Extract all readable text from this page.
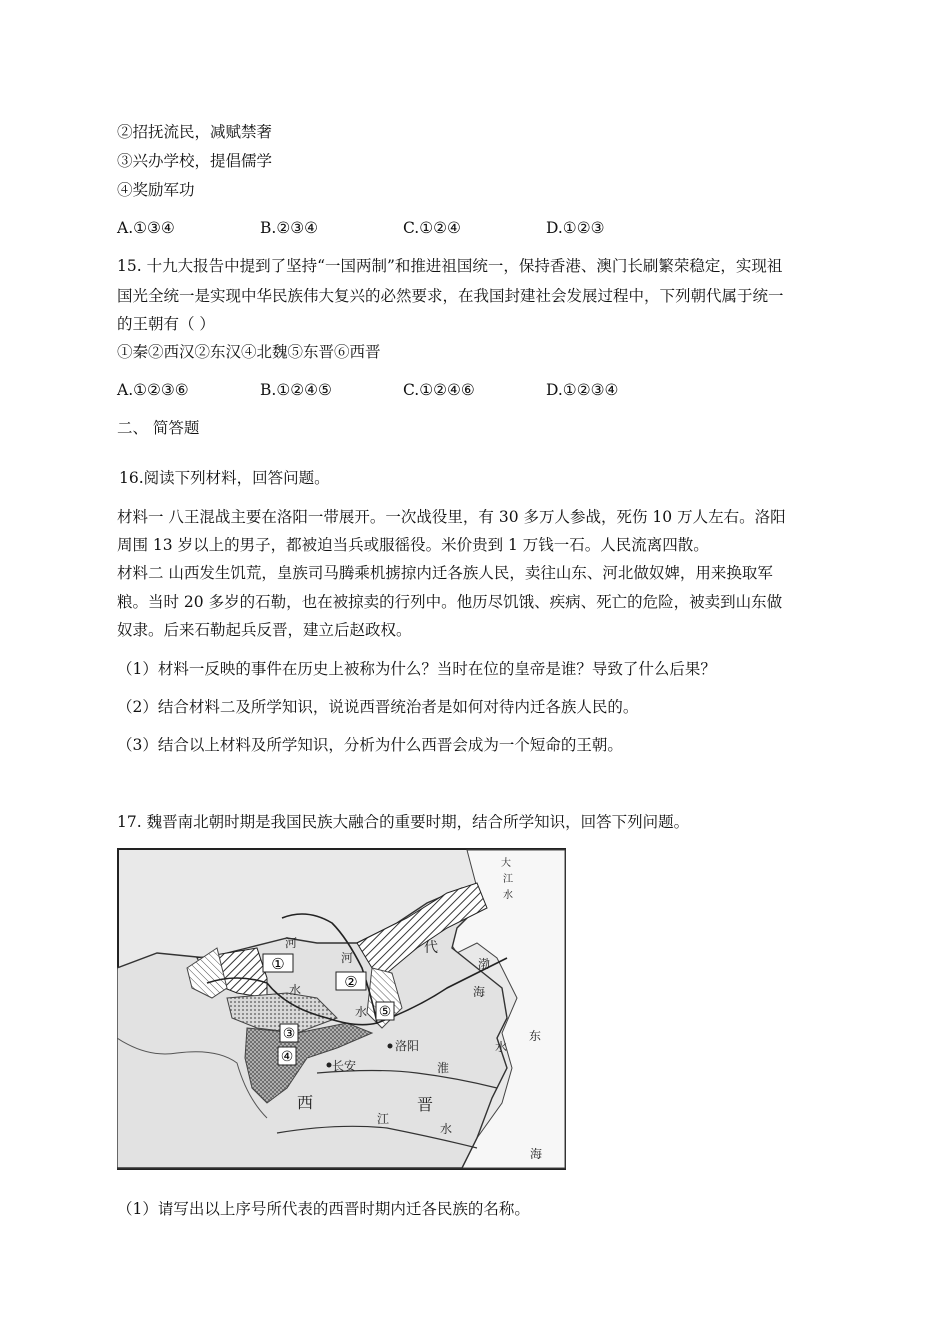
②招抚流民，减赋禁奢
③兴办学校，提倡儒学
④奖励军功
A.①③④	B.②③④	C.①②④	D.①②③
15. 十九大报告中提到了坚持“一国两制”和推进祖国统一，保持香港、澳门长刷繁荣稳定，实现祖
国光全统一是实现中华民族伟大复兴的必然要求，在我国封建社会发展过程中，下列朝代属于统一
的王朝有（ ）
①秦②西汉②东汉④北魏⑤东晋⑥西晋
A.①②③⑥	B.①②④⑤	C.①②④⑥	D.①②③④
二、 简答题
16.阅读下列材料，回答问题。
材料一 八王混战主要在洛阳一带展开。一次战役里，有 30 多万人参战，死伤 10 万人左右。洛阳
周围 13 岁以上的男子，都被迫当兵或服徭役。米价贵到 1 万钱一石。人民流离四散。
材料二 山西发生饥荒，皇族司马腾乘机掳掠内迁各族人民，卖往山东、河北做奴婢，用来换取军
粮。当时 20 多岁的石勒，也在被掠卖的行列中。他历尽饥饿、疾病、死亡的危险，被卖到山东做
奴隶。后来石勒起兵反晋，建立后赵政权。
（1）材料一反映的事件在历史上被称为什么？当时在位的皇帝是谁？导致了什么后果？
（2）结合材料二及所学知识，说说西晋统治者是如何对待内迁各族人民的。
（3）结合以上材料及所学知识，分析为什么西晋会成为一个短命的王朝。
17. 魏晋南北朝时期是我国民族大融合的重要时期，结合所学知识，回答下列问题。
①
②
③
④
⑤
河
河
水
水
代
渤
海
洛阳
淮
水
长安
西	晋
江
水
东
海
大
江
水
（1）请写出以上序号所代表的西晋时期内迁各民族的名称。
